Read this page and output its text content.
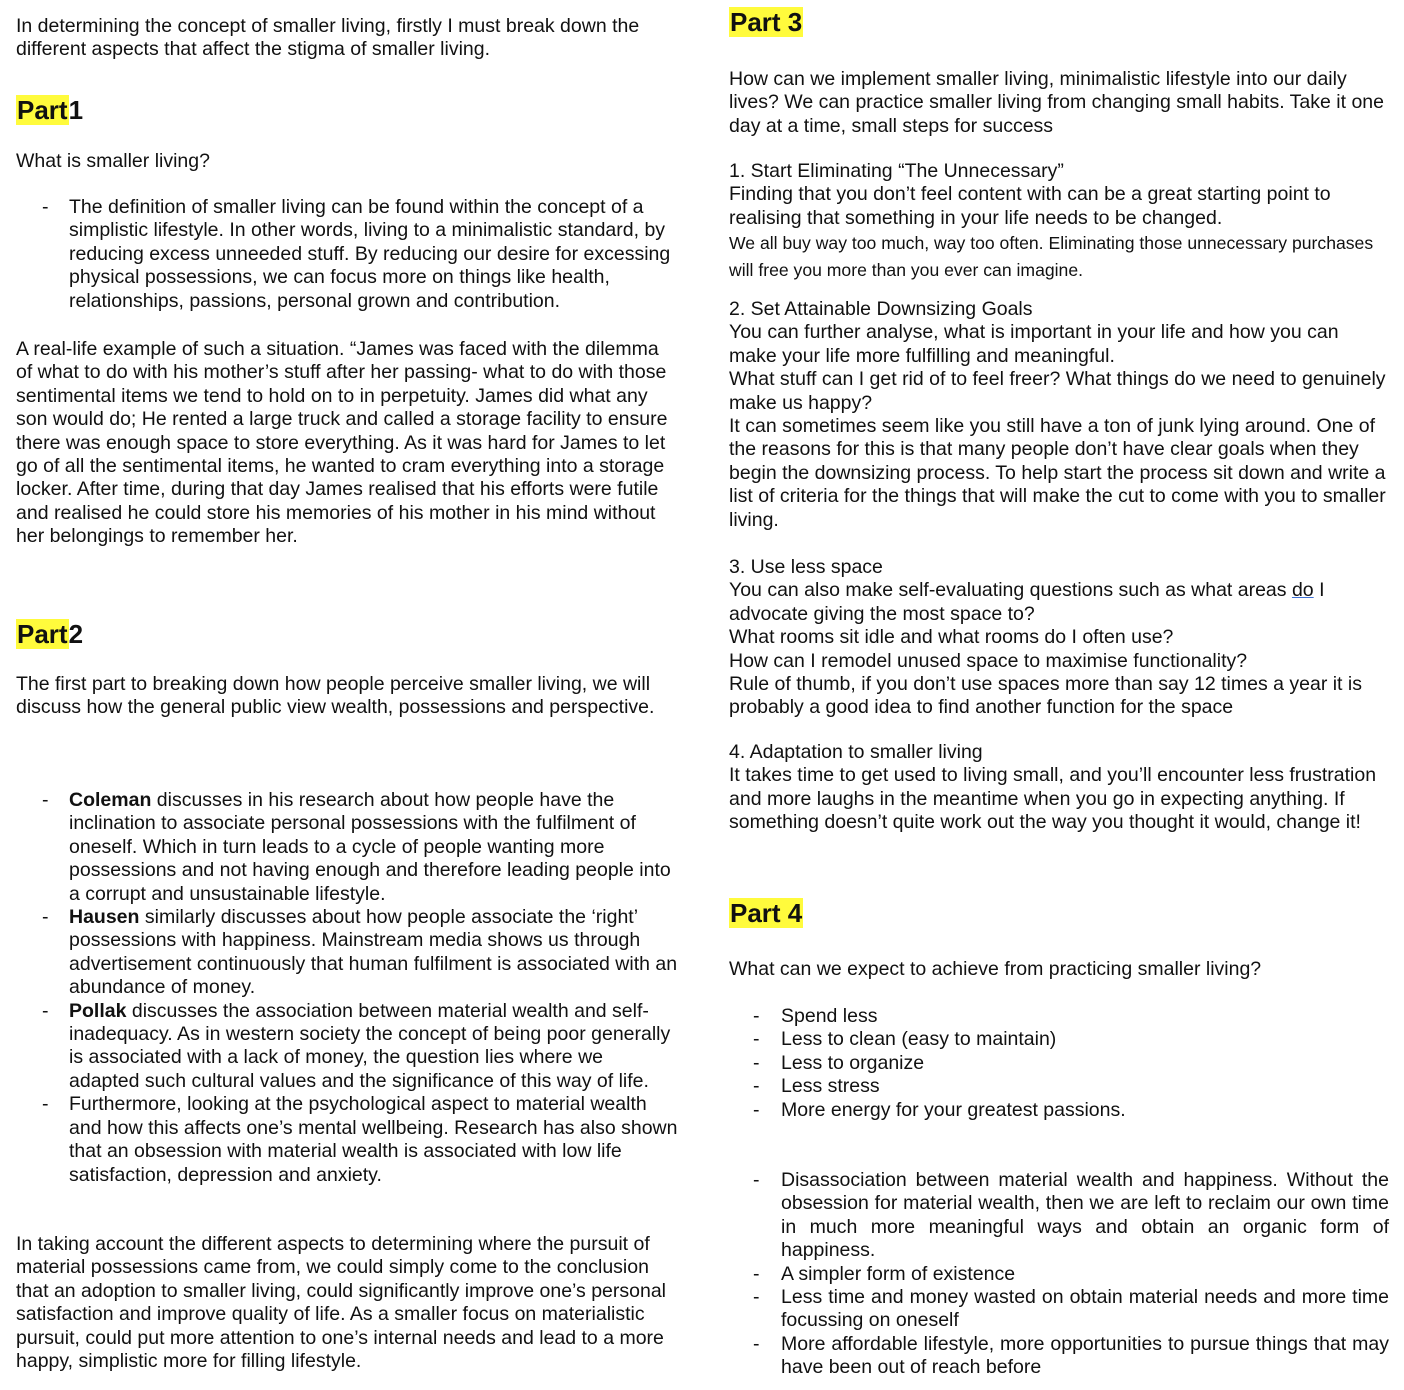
In determining the concept of smaller living, firstly I must break down the different aspects that affect the stigma of smaller living.

Part1

What is smaller living?

- The definition of smaller living can be found within the concept of a simplistic lifestyle. In other words, living to a minimalistic standard, by reducing excess unneeded stuff. By reducing our desire for excessing physical possessions, we can focus more on things like health, relationships, passions, personal grown and contribution.

A real-life example of such a situation. “James was faced with the dilemma of what to do with his mother’s stuff after her passing- what to do with those sentimental items we tend to hold on to in perpetuity. James did what any son would do; He rented a large truck and called a storage facility to ensure there was enough space to store everything. As it was hard for James to let go of all the sentimental items, he wanted to cram everything into a storage locker. After time, during that day James realised that his efforts were futile and realised he could store his memories of his mother in his mind without her belongings to remember her.

Part2

The first part to breaking down how people perceive smaller living, we will discuss how the general public view wealth, possessions and perspective.

- Coleman discusses in his research about how people have the inclination to associate personal possessions with the fulfilment of oneself. Which in turn leads to a cycle of people wanting more possessions and not having enough and therefore leading people into a corrupt and unsustainable lifestyle.
- Hausen similarly discusses about how people associate the ‘right’ possessions with happiness. Mainstream media shows us through advertisement continuously that human fulfilment is associated with an abundance of money.
- Pollak discusses the association between material wealth and self-inadequacy. As in western society the concept of being poor generally is associated with a lack of money, the question lies where we adapted such cultural values and the significance of this way of life.
- Furthermore, looking at the psychological aspect to material wealth and how this affects one’s mental wellbeing. Research has also shown that an obsession with material wealth is associated with low life satisfaction, depression and anxiety.

In taking account the different aspects to determining where the pursuit of material possessions came from, we could simply come to the conclusion that an adoption to smaller living, could significantly improve one’s personal satisfaction and improve quality of life. As a smaller focus on materialistic pursuit, could put more attention to one’s internal needs and lead to a more happy, simplistic more for filling lifestyle.

Part 3

How can we implement smaller living, minimalistic lifestyle into our daily lives? We can practice smaller living from changing small habits. Take it one day at a time, small steps for success

1. Start Eliminating “The Unnecessary”

Finding that you don’t feel content with can be a great starting point to realising that something in your life needs to be changed.

We all buy way too much, way too often. Eliminating those unnecessary purchases will free you more than you ever can imagine.

2. Set Attainable Downsizing Goals

You can further analyse, what is important in your life and how you can make your life more fulfilling and meaningful.

What stuff can I get rid of to feel freer? What things do we need to genuinely make us happy?

It can sometimes seem like you still have a ton of junk lying around. One of the reasons for this is that many people don’t have clear goals when they begin the downsizing process. To help start the process sit down and write a list of criteria for the things that will make the cut to come with you to smaller living.

3. Use less space

You can also make self-evaluating questions such as what areas do I advocate giving the most space to?

What rooms sit idle and what rooms do I often use?

How can I remodel unused space to maximise functionality?

Rule of thumb, if you don’t use spaces more than say 12 times a year it is probably a good idea to find another function for the space

4. Adaptation to smaller living

It takes time to get used to living small, and you’ll encounter less frustration and more laughs in the meantime when you go in expecting anything. If something doesn’t quite work out the way you thought it would, change it!

Part 4

What can we expect to achieve from practicing smaller living?

- Spend less
- Less to clean (easy to maintain)
- Less to organize
- Less stress
- More energy for your greatest passions.
- Disassociation between material wealth and happiness. Without the obsession for material wealth, then we are left to reclaim our own time in much more meaningful ways and obtain an organic form of happiness.
- A simpler form of existence
- Less time and money wasted on obtain material needs and more time focussing on oneself
- More affordable lifestyle, more opportunities to pursue things that may have been out of reach before
